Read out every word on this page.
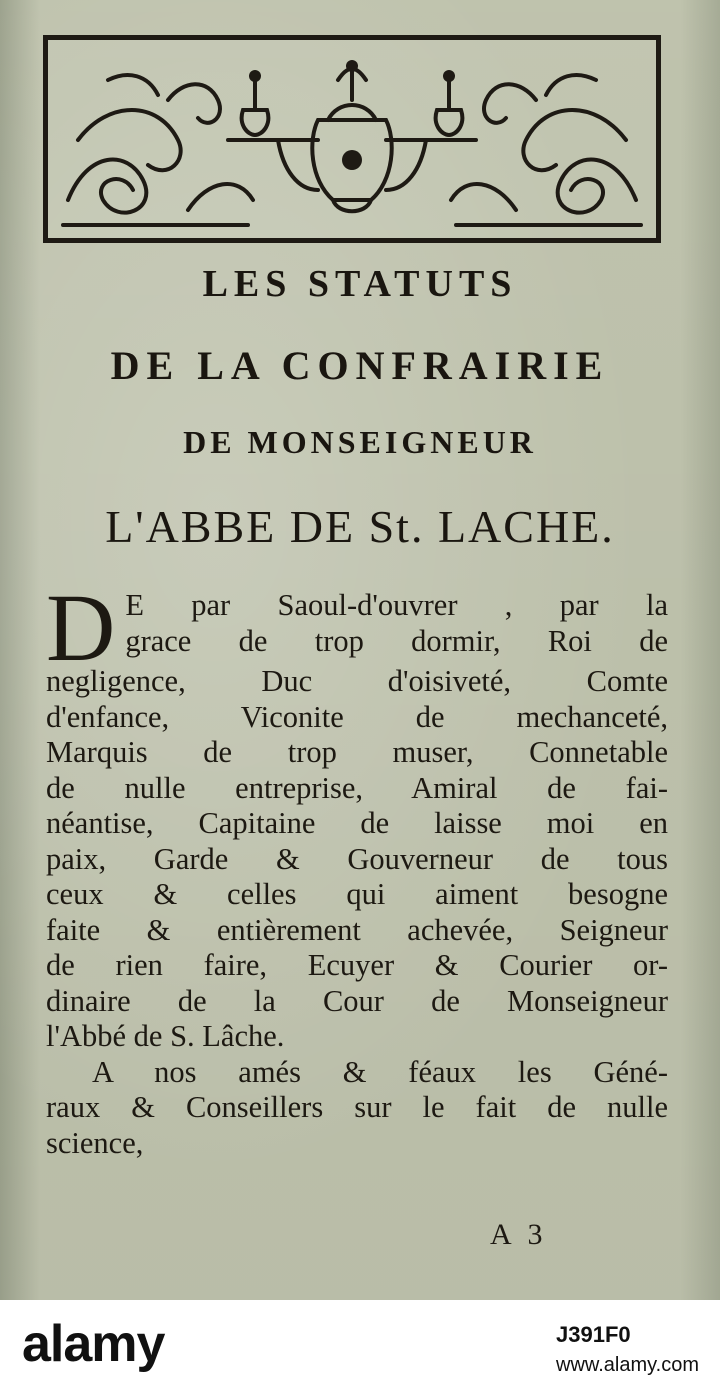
LES STATUTS
DE LA CONFRAIRIE
DE MONSEIGNEUR
L'ABBE DE St. LACHE.
D E par Saoul-d'ouvrer , par la
grace de trop dormir, Roi de
negligence, Duc d'oisiveté, Comte
d'enfance, Viconite de mechanceté,
Marquis de trop muser, Connetable
de nulle entreprise, Amiral de fai-
néantise, Capitaine de laisse moi en
paix, Garde & Gouverneur de tous
ceux & celles qui aiment besogne
faite & entièrement achevée, Seigneur
de rien faire, Ecuyer & Courier or-
dinaire de la Cour de Monseigneur
l'Abbé de S. Lâche.
A nos amés & féaux les Géné-
raux & Conseillers sur le fait de nulle
science,
A 3
alamy	J391F0
www.alamy.com
